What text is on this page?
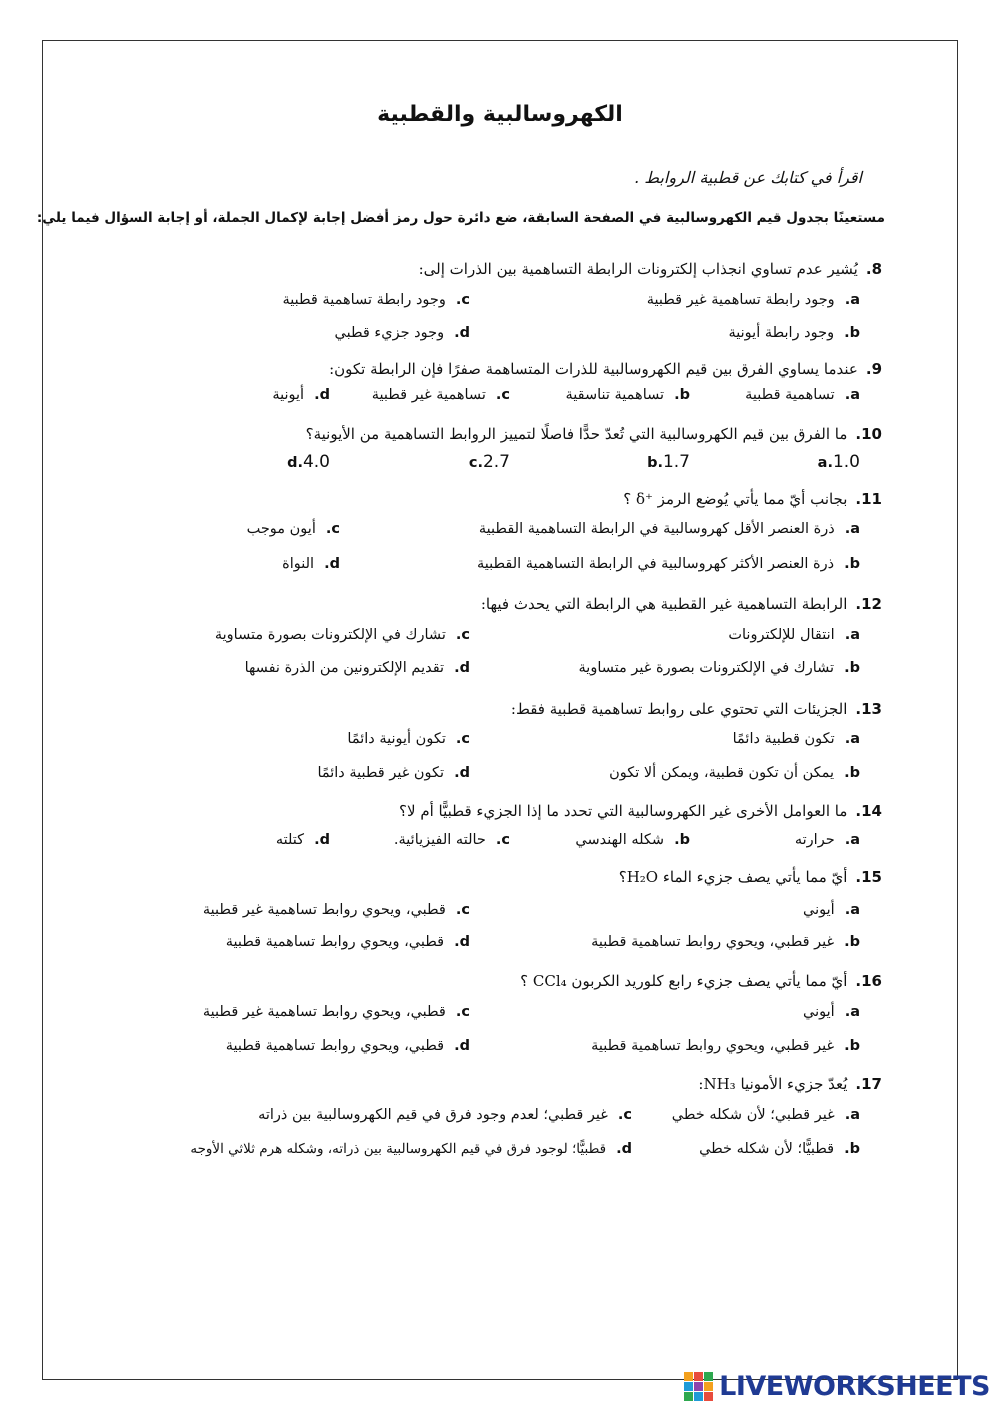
الكهروسالبية والقطبية
اقرأ في كتابك عن قطبية الروابط .
مستعينًا بجدول قيم الكهروسالبية في الصفحة السابقة، ضع دائرة حول رمز أفضل إجابة لإكمال الجملة، أو إجابة السؤال فيما يلي:
8.يُشير عدم تساوي انجذاب إلكترونات الرابطة التساهمية بين الذرات إلى:
a.وجود رابطة تساهمية غير قطبية
c.وجود رابطة تساهمية قطبية
b.وجود رابطة أيونية
d.وجود جزيء قطبي
9.عندما يساوي الفرق بين قيم الكهروسالبية للذرات المتساهمة صفرًا فإن الرابطة تكون:
a.تساهمية قطبية
b.تساهمية تناسقية
c.تساهمية غير قطبية
d.أيونية
10.ما الفرق بين قيم الكهروسالبية التي تُعدّ حدًّا فاصلًا لتمييز الروابط التساهمية من الأيونية؟
a.1.0
b.1.7
c.2.7
d.4.0
11.بجانب أيّ مما يأتي يُوضع الرمز ⁺δ ؟
a.ذرة العنصر الأقل كهروسالبية في الرابطة التساهمية القطبية
c.أيون موجب
b.ذرة العنصر الأكثر كهروسالبية في الرابطة التساهمية القطبية
d.النواة
12.الرابطة التساهمية غير القطبية هي الرابطة التي يحدث فيها:
a.انتقال للإلكترونات
c.تشارك في الإلكترونات بصورة متساوية
b.تشارك في الإلكترونات بصورة غير متساوية
d.تقديم الإلكترونين من الذرة نفسها
13.الجزيئات التي تحتوي على روابط تساهمية قطبية فقط:
a.تكون قطبية دائمًا
c.تكون أيونية دائمًا
b.يمكن أن تكون قطبية، ويمكن ألا تكون
d.تكون غير قطبية دائمًا
14.ما العوامل الأخرى غير الكهروسالبية التي تحدد ما إذا الجزيء قطبيًّا أم لا؟
a.حرارته
b.شكله الهندسي
c.حالته الفيزيائية.
d.كتلته
15.أيّ مما يأتي يصف جزيء الماء H₂O؟
a.أيوني
c.قطبي، ويحوي روابط تساهمية غير قطبية
b.غير قطبي، ويحوي روابط تساهمية قطبية
d.قطبي، ويحوي روابط تساهمية قطبية
16.أيّ مما يأتي يصف جزيء رابع كلوريد الكربون CCl₄ ؟
a.أيوني
c.قطبي، ويحوي روابط تساهمية غير قطبية
b.غير قطبي، ويحوي روابط تساهمية قطبية
d.قطبي، ويحوي روابط تساهمية قطبية
17.يُعدّ جزيء الأمونيا NH₃:
a.غير قطبي؛ لأن شكله خطي
c.غير قطبي؛ لعدم وجود فرق في قيم الكهروسالبية بين ذراته
b.قطبيًّا؛ لأن شكله خطي
d.قطبيًّا؛ لوجود فرق في قيم الكهروسالبية بين ذراته، وشكله هرم ثلاثي الأوجه
LIVEWORKSHEETS
